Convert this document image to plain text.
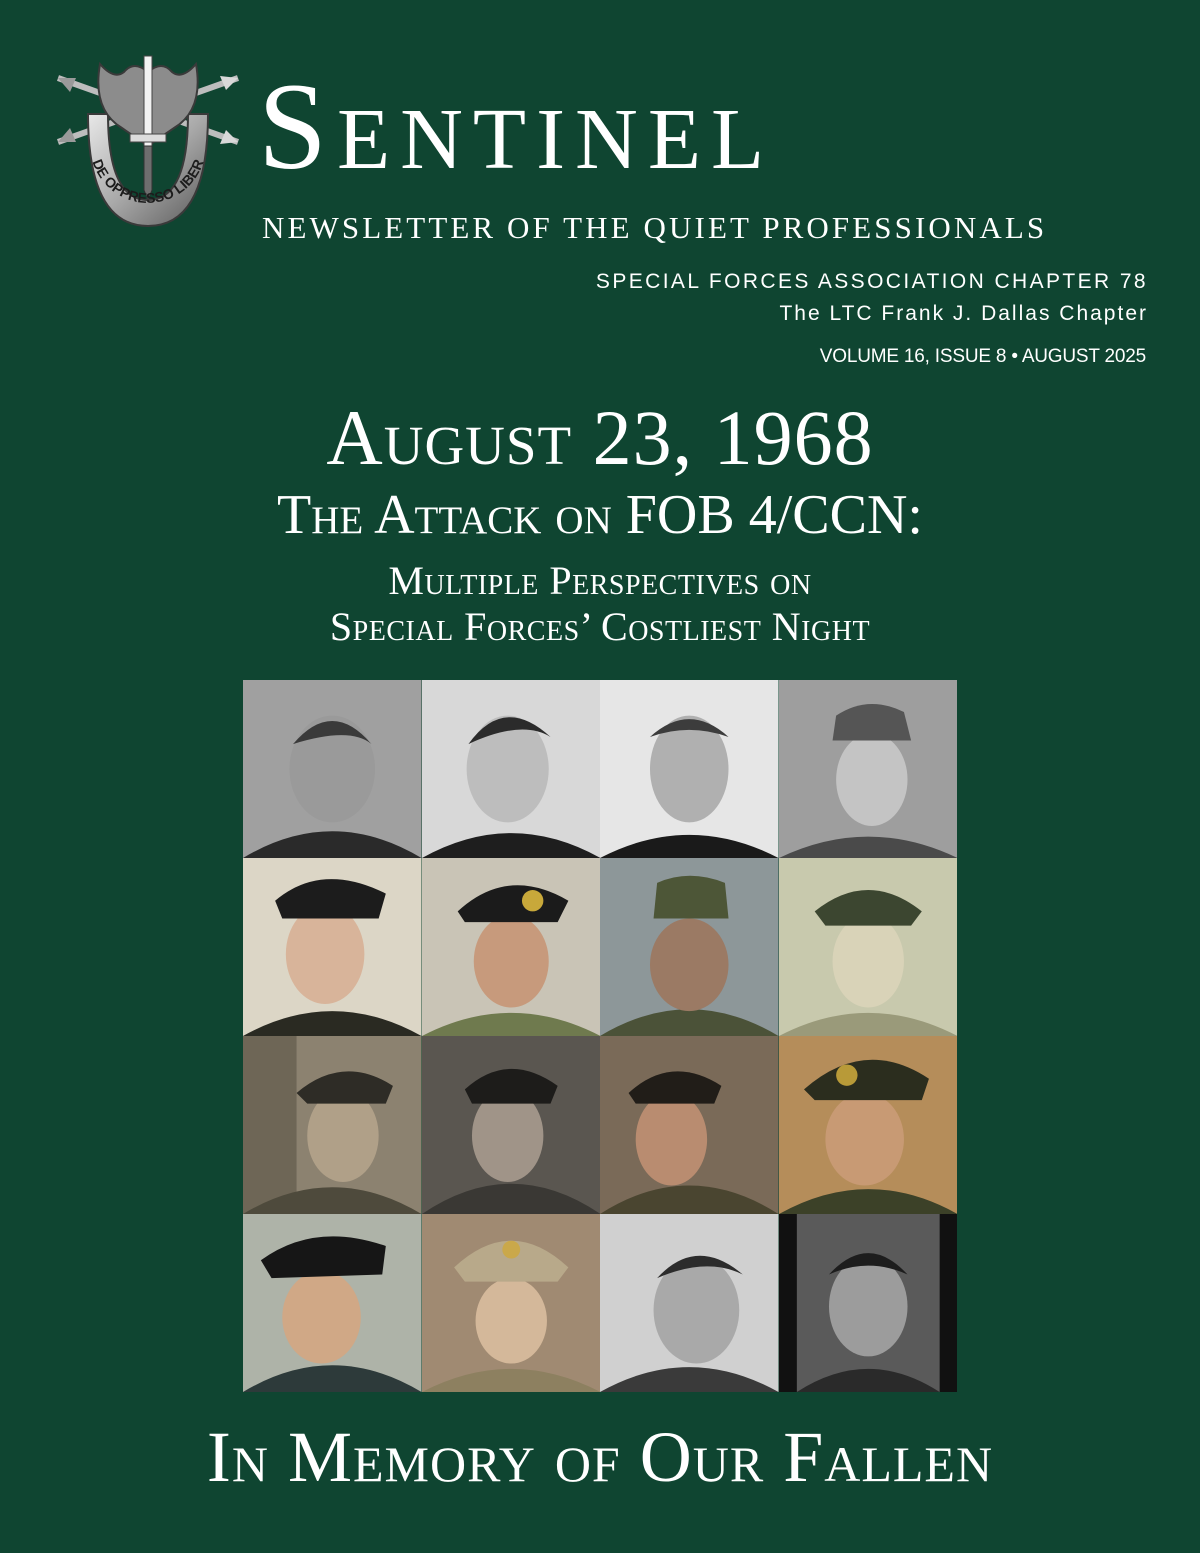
DE OPPRESSO LIBER Sentinel
NEWSLETTER OF THE QUIET PROFESSIONALS
SPECIAL FORCES ASSOCIATION CHAPTER 78
The LTC Frank J. Dallas Chapter
VOLUME 16, ISSUE 8 • AUGUST 2025
August 23, 1968
The Attack on FOB 4/CCN:
Multiple Perspectives on
Special Forces’ Costliest Night
In Memory of Our Fallen
